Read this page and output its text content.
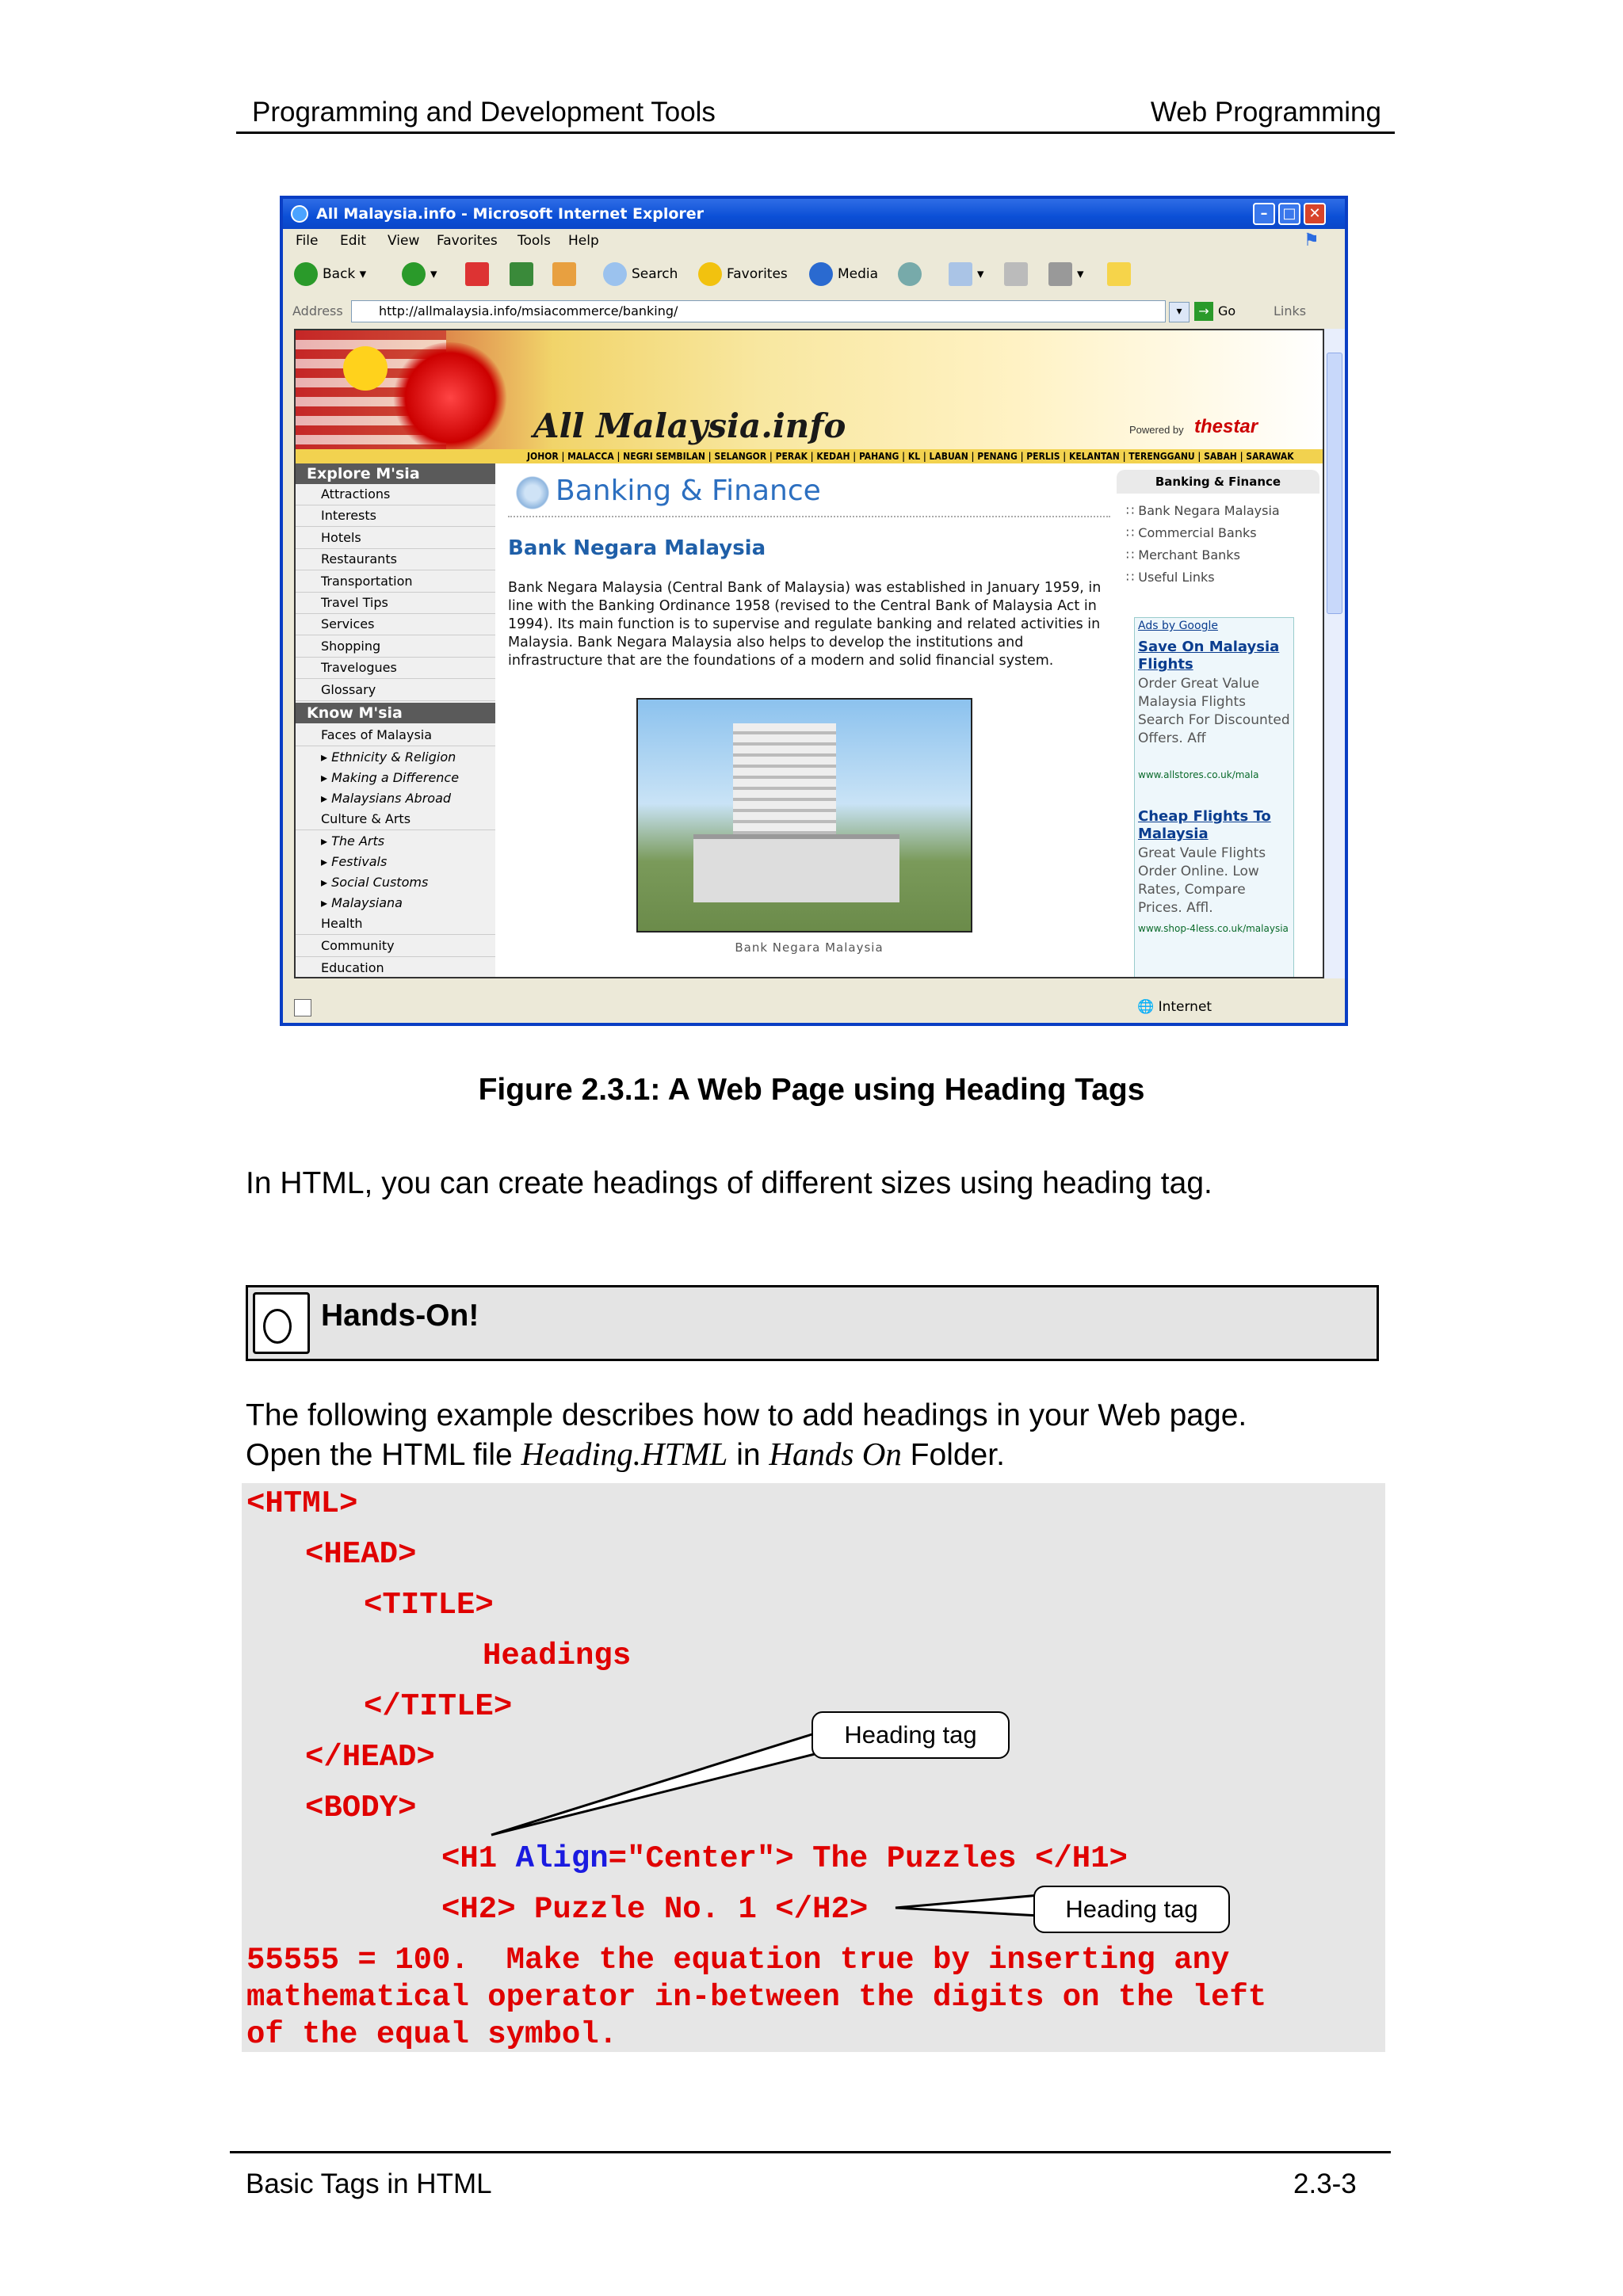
Programming and Development Tools	Web Programming
All Malaysia.info - Microsoft Internet Explorer	–	□ ✕
File Edit View Favorites Tools Help	⚑
Back ▾	▾	Search	Favorites	Media	▾	▾
Address	http://allmalaysia.info/msiacommerce/banking/	▾	→ Go	Links
All Malaysia.info	Powered by thestar
JOHOR | MALACCA | NEGRI SEMBILAN | SELANGOR | PERAK | KEDAH | PAHANG | KL | LABUAN | PENANG | PERLIS | KELANTAN | TERENGGANU | SABAH | SARAWAK
Explore M'sia
Attractions
Interests
Hotels
Restaurants
Transportation
Travel Tips
Services
Shopping
Travelogues
Glossary
Know M'sia
Faces of Malaysia
▸ Ethnicity & Religion
▸ Making a Difference
▸ Malaysians Abroad
Culture & Arts
▸ The Arts
▸ Festivals
▸ Social Customs
▸ Malaysiana
Health
Community
Education
Banking & Finance
Bank Negara Malaysia
Bank Negara Malaysia (Central Bank of Malaysia) was established in January 1959, in line with the Banking Ordinance 1958 (revised to the Central Bank of Malaysia Act in 1994). Its main function is to supervise and regulate banking and related activities in Malaysia. Bank Negara Malaysia also helps to develop the institutions and infrastructure that are the foundations of a modern and solid financial system.
Bank Negara Malaysia
Banking & Finance
∷ Bank Negara Malaysia
∷ Commercial Banks
∷ Merchant Banks
∷ Useful Links
Ads by Google
Save On Malaysia Flights
Order Great Value Malaysia Flights Search For Discounted Offers. Aff
www.allstores.co.uk/mala
Cheap Flights To Malaysia
Great Vaule Flights Order Online. Low Rates, Compare Prices. Affl.
www.shop-4less.co.uk/malaysia
🌐 Internet
Figure 2.3.1: A Web Page using Heading Tags
In HTML, you can create headings of different sizes using heading tag.
Hands-On!
The following example describes how to add headings in your Web page.
Open the HTML file Heading.HTML in Hands On Folder.
<HTML>
<HEAD>
<TITLE>
Headings
</TITLE>
</HEAD>
<BODY>
<H1 Align="Center"> The Puzzles </H1>
<H2> Puzzle No. 1 </H2>
55555 = 100.  Make the equation true by inserting any
mathematical operator in-between the digits on the left
of the equal symbol.
Heading tag
Heading tag
Basic Tags in HTML	2.3-3
